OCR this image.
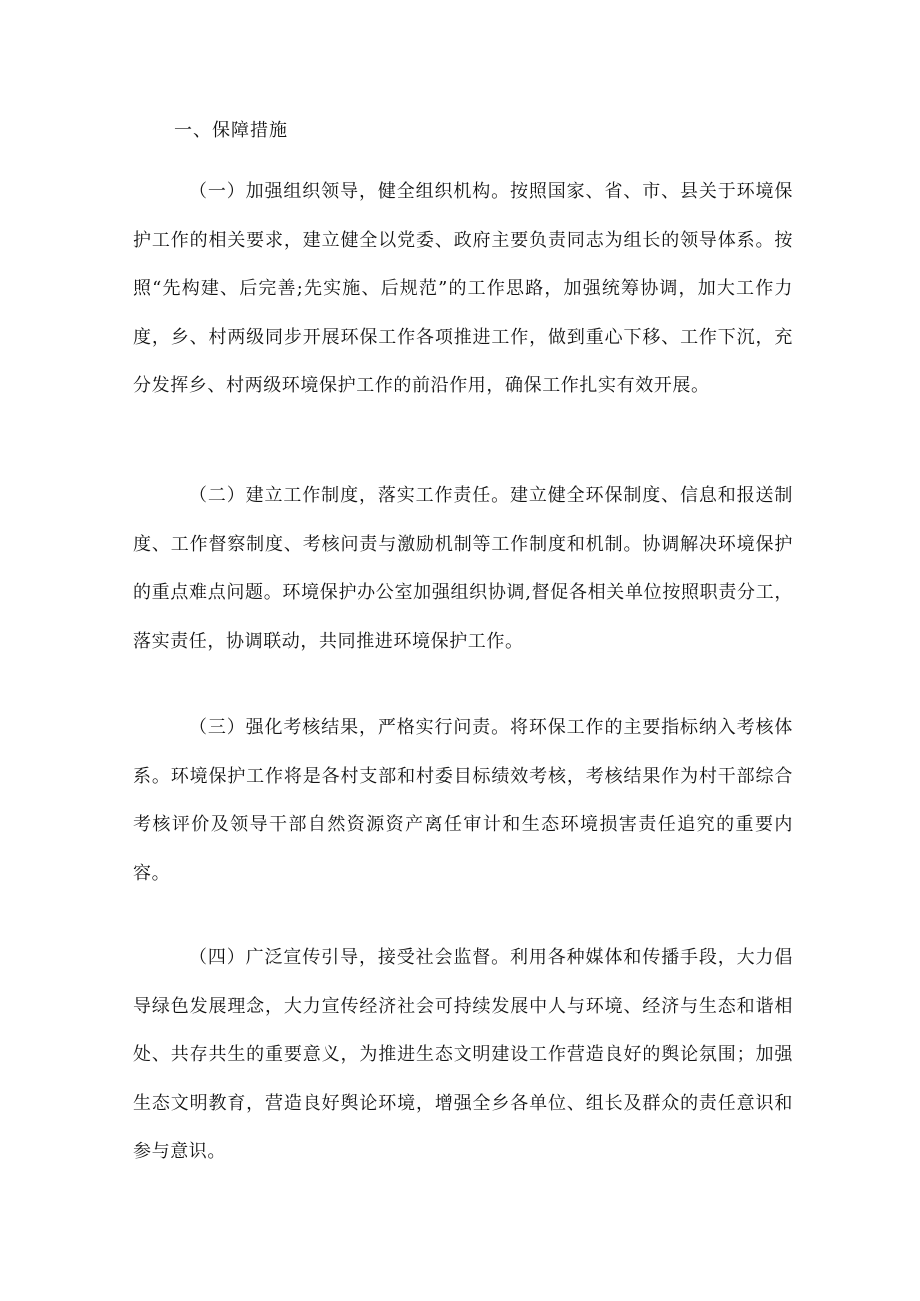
一、保障措施

（一）加强组织领导，健全组织机构。按照国家、省、市、县关于环境保护工作的相关要求，建立健全以党委、政府主要负责同志为组长的领导体系。按照“先构建、后完善;先实施、后规范”的工作思路，加强统筹协调，加大工作力度，乡、村两级同步开展环保工作各项推进工作，做到重心下移、工作下沉，充分发挥乡、村两级环境保护工作的前沿作用，确保工作扎实有效开展。

（二）建立工作制度，落实工作责任。建立健全环保制度、信息和报送制度、工作督察制度、考核问责与激励机制等工作制度和机制。协调解决环境保护的重点难点问题。环境保护办公室加强组织协调,督促各相关单位按照职责分工，落实责任，协调联动，共同推进环境保护工作。

（三）强化考核结果，严格实行问责。将环保工作的主要指标纳入考核体系。环境保护工作将是各村支部和村委目标绩效考核，考核结果作为村干部综合考核评价及领导干部自然资源资产离任审计和生态环境损害责任追究的重要内容。

（四）广泛宣传引导，接受社会监督。利用各种媒体和传播手段，大力倡导绿色发展理念，大力宣传经济社会可持续发展中人与环境、经济与生态和谐相处、共存共生的重要意义，为推进生态文明建设工作营造良好的舆论氛围；加强生态文明教育，营造良好舆论环境，增强全乡各单位、组长及群众的责任意识和参与意识。
